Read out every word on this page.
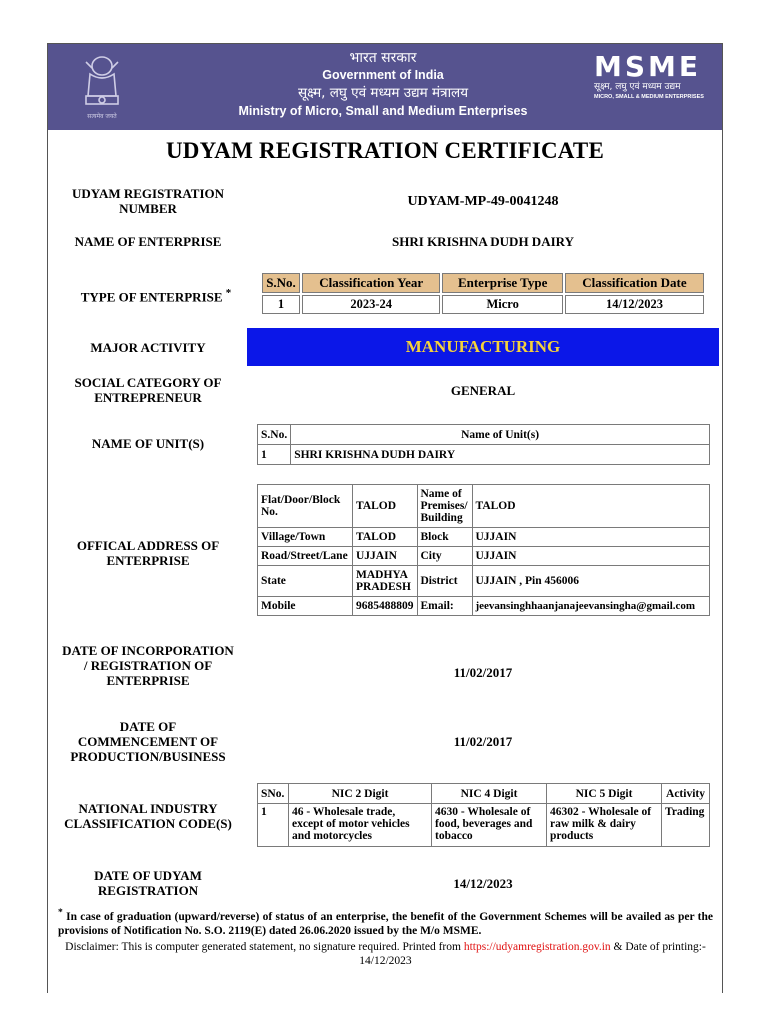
सत्यमेव जयते
भारत सरकार
Government of India
सूक्ष्म, लघु एवं मध्यम उद्यम मंत्रालय
Ministry of Micro, Small and Medium Enterprises
MSME
सूक्ष्म, लघु एवं मध्यम उद्यम
MICRO, SMALL & MEDIUM ENTERPRISES
UDYAM REGISTRATION CERTIFICATE
UDYAM REGISTRATION NUMBER	UDYAM-MP-49-0041248
NAME OF ENTERPRISE	SHRI KRISHNA DUDH DAIRY
TYPE OF ENTERPRISE *
S.No.	Classification Year	Enterprise Type	Classification Date
1	2023-24	Micro	14/12/2023
MAJOR ACTIVITY	MANUFACTURING
SOCIAL CATEGORY OF ENTREPRENEUR	GENERAL
NAME OF UNIT(S)
S.No.	Name of Unit(s)
1	SHRI KRISHNA DUDH DAIRY
OFFICAL ADDRESS OF ENTERPRISE
Flat/Door/Block No.	TALOD	Name of Premises/ Building	TALOD
Village/Town	TALOD	Block	UJJAIN
Road/Street/Lane	UJJAIN	City	UJJAIN
State	MADHYA PRADESH	District	UJJAIN , Pin 456006
Mobile	9685488809	Email:	jeevansinghhaanjanajeevansingha@gmail.com
DATE OF INCORPORATION / REGISTRATION OF ENTERPRISE
11/02/2017
DATE OF COMMENCEMENT OF PRODUCTION/BUSINESS
11/02/2017
NATIONAL INDUSTRY CLASSIFICATION CODE(S)
SNo.	NIC 2 Digit	NIC 4 Digit	NIC 5 Digit	Activity
1	46 - Wholesale trade, except of motor vehicles and motorcycles	4630 - Wholesale of food, beverages and tobacco	46302 - Wholesale of raw milk & dairy products	Trading
DATE OF UDYAM REGISTRATION	14/12/2023
* In case of graduation (upward/reverse) of status of an enterprise, the benefit of the Government Schemes will be availed as per the provisions of Notification No. S.O. 2119(E) dated 26.06.2020 issued by the M/o MSME.
Disclaimer: This is computer generated statement, no signature required. Printed from https://udyamregistration.gov.in & Date of printing:-
14/12/2023
